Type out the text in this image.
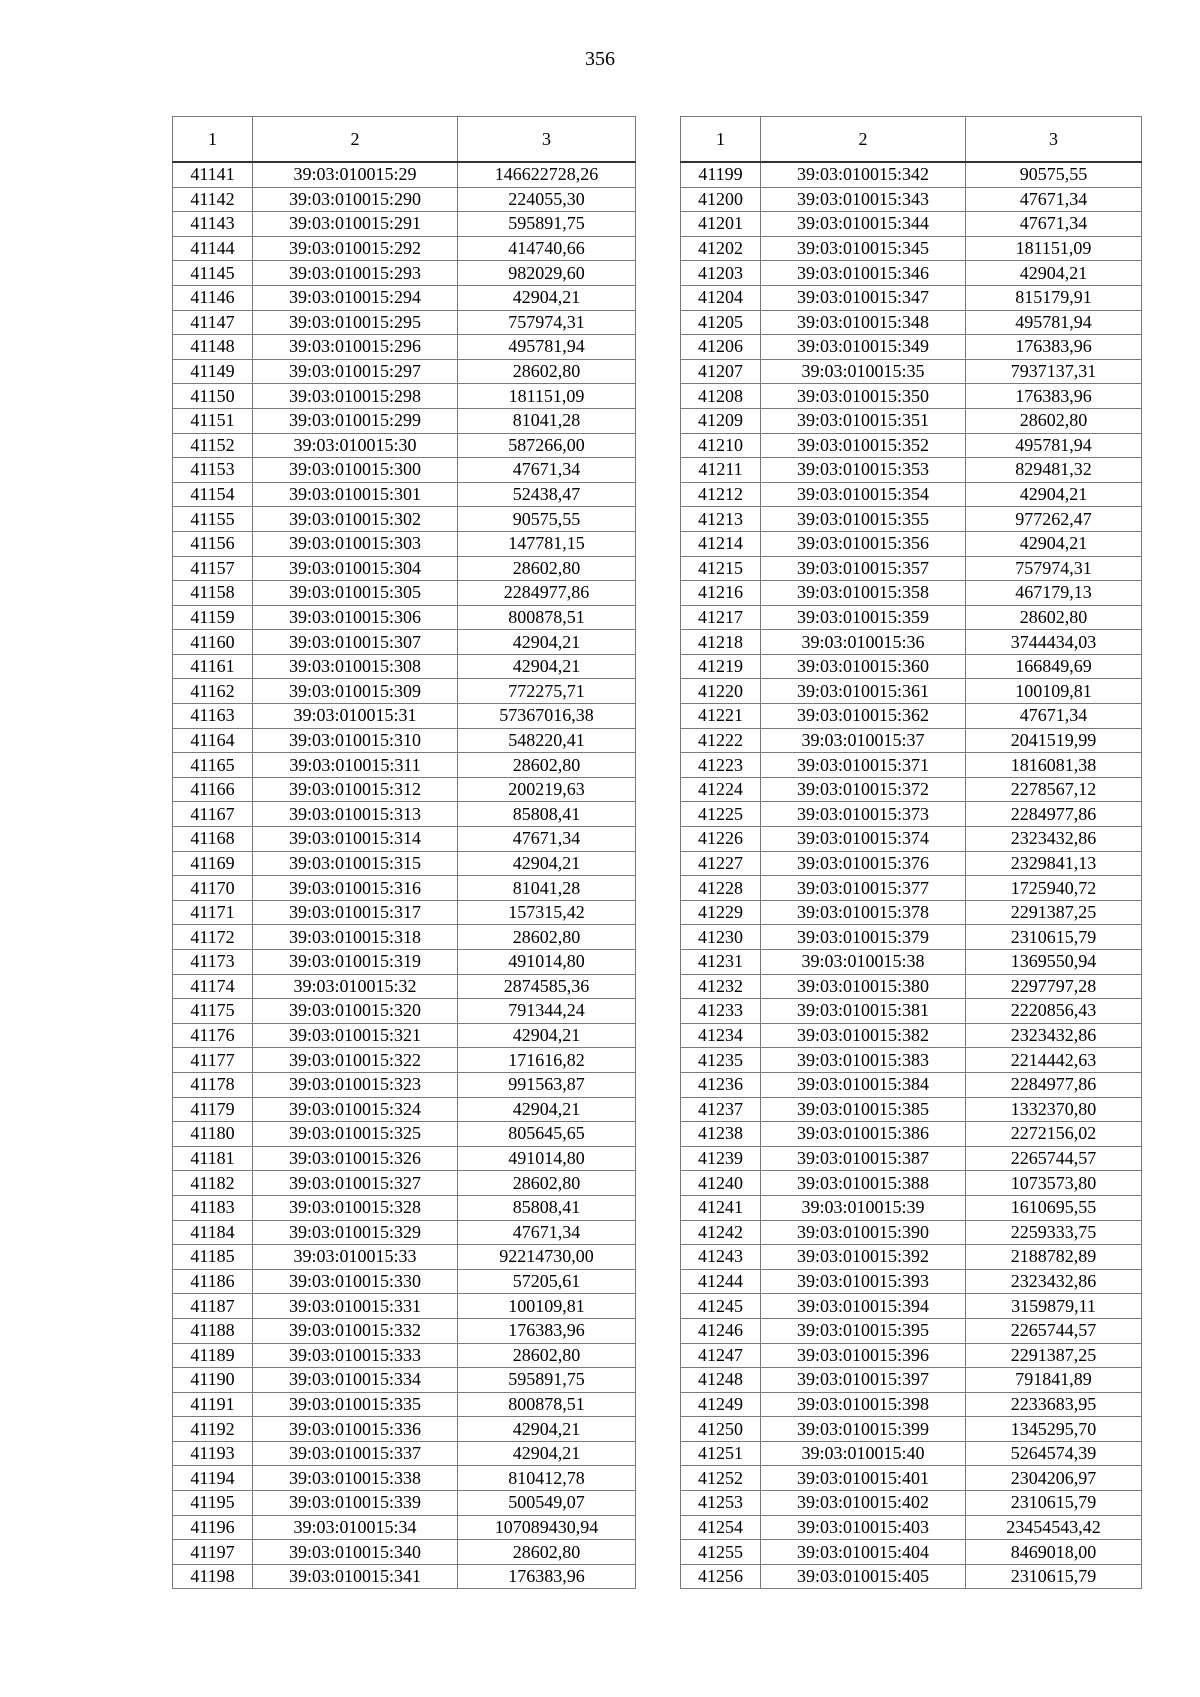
356
1	2	3
41141	39:03:010015:29	146622728,26
41142	39:03:010015:290	224055,30
41143	39:03:010015:291	595891,75
41144	39:03:010015:292	414740,66
41145	39:03:010015:293	982029,60
41146	39:03:010015:294	42904,21
41147	39:03:010015:295	757974,31
41148	39:03:010015:296	495781,94
41149	39:03:010015:297	28602,80
41150	39:03:010015:298	181151,09
41151	39:03:010015:299	81041,28
41152	39:03:010015:30	587266,00
41153	39:03:010015:300	47671,34
41154	39:03:010015:301	52438,47
41155	39:03:010015:302	90575,55
41156	39:03:010015:303	147781,15
41157	39:03:010015:304	28602,80
41158	39:03:010015:305	2284977,86
41159	39:03:010015:306	800878,51
41160	39:03:010015:307	42904,21
41161	39:03:010015:308	42904,21
41162	39:03:010015:309	772275,71
41163	39:03:010015:31	57367016,38
41164	39:03:010015:310	548220,41
41165	39:03:010015:311	28602,80
41166	39:03:010015:312	200219,63
41167	39:03:010015:313	85808,41
41168	39:03:010015:314	47671,34
41169	39:03:010015:315	42904,21
41170	39:03:010015:316	81041,28
41171	39:03:010015:317	157315,42
41172	39:03:010015:318	28602,80
41173	39:03:010015:319	491014,80
41174	39:03:010015:32	2874585,36
41175	39:03:010015:320	791344,24
41176	39:03:010015:321	42904,21
41177	39:03:010015:322	171616,82
41178	39:03:010015:323	991563,87
41179	39:03:010015:324	42904,21
41180	39:03:010015:325	805645,65
41181	39:03:010015:326	491014,80
41182	39:03:010015:327	28602,80
41183	39:03:010015:328	85808,41
41184	39:03:010015:329	47671,34
41185	39:03:010015:33	92214730,00
41186	39:03:010015:330	57205,61
41187	39:03:010015:331	100109,81
41188	39:03:010015:332	176383,96
41189	39:03:010015:333	28602,80
41190	39:03:010015:334	595891,75
41191	39:03:010015:335	800878,51
41192	39:03:010015:336	42904,21
41193	39:03:010015:337	42904,21
41194	39:03:010015:338	810412,78
41195	39:03:010015:339	500549,07
41196	39:03:010015:34	107089430,94
41197	39:03:010015:340	28602,80
41198	39:03:010015:341	176383,96
1	2	3
41199	39:03:010015:342	90575,55
41200	39:03:010015:343	47671,34
41201	39:03:010015:344	47671,34
41202	39:03:010015:345	181151,09
41203	39:03:010015:346	42904,21
41204	39:03:010015:347	815179,91
41205	39:03:010015:348	495781,94
41206	39:03:010015:349	176383,96
41207	39:03:010015:35	7937137,31
41208	39:03:010015:350	176383,96
41209	39:03:010015:351	28602,80
41210	39:03:010015:352	495781,94
41211	39:03:010015:353	829481,32
41212	39:03:010015:354	42904,21
41213	39:03:010015:355	977262,47
41214	39:03:010015:356	42904,21
41215	39:03:010015:357	757974,31
41216	39:03:010015:358	467179,13
41217	39:03:010015:359	28602,80
41218	39:03:010015:36	3744434,03
41219	39:03:010015:360	166849,69
41220	39:03:010015:361	100109,81
41221	39:03:010015:362	47671,34
41222	39:03:010015:37	2041519,99
41223	39:03:010015:371	1816081,38
41224	39:03:010015:372	2278567,12
41225	39:03:010015:373	2284977,86
41226	39:03:010015:374	2323432,86
41227	39:03:010015:376	2329841,13
41228	39:03:010015:377	1725940,72
41229	39:03:010015:378	2291387,25
41230	39:03:010015:379	2310615,79
41231	39:03:010015:38	1369550,94
41232	39:03:010015:380	2297797,28
41233	39:03:010015:381	2220856,43
41234	39:03:010015:382	2323432,86
41235	39:03:010015:383	2214442,63
41236	39:03:010015:384	2284977,86
41237	39:03:010015:385	1332370,80
41238	39:03:010015:386	2272156,02
41239	39:03:010015:387	2265744,57
41240	39:03:010015:388	1073573,80
41241	39:03:010015:39	1610695,55
41242	39:03:010015:390	2259333,75
41243	39:03:010015:392	2188782,89
41244	39:03:010015:393	2323432,86
41245	39:03:010015:394	3159879,11
41246	39:03:010015:395	2265744,57
41247	39:03:010015:396	2291387,25
41248	39:03:010015:397	791841,89
41249	39:03:010015:398	2233683,95
41250	39:03:010015:399	1345295,70
41251	39:03:010015:40	5264574,39
41252	39:03:010015:401	2304206,97
41253	39:03:010015:402	2310615,79
41254	39:03:010015:403	23454543,42
41255	39:03:010015:404	8469018,00
41256	39:03:010015:405	2310615,79
